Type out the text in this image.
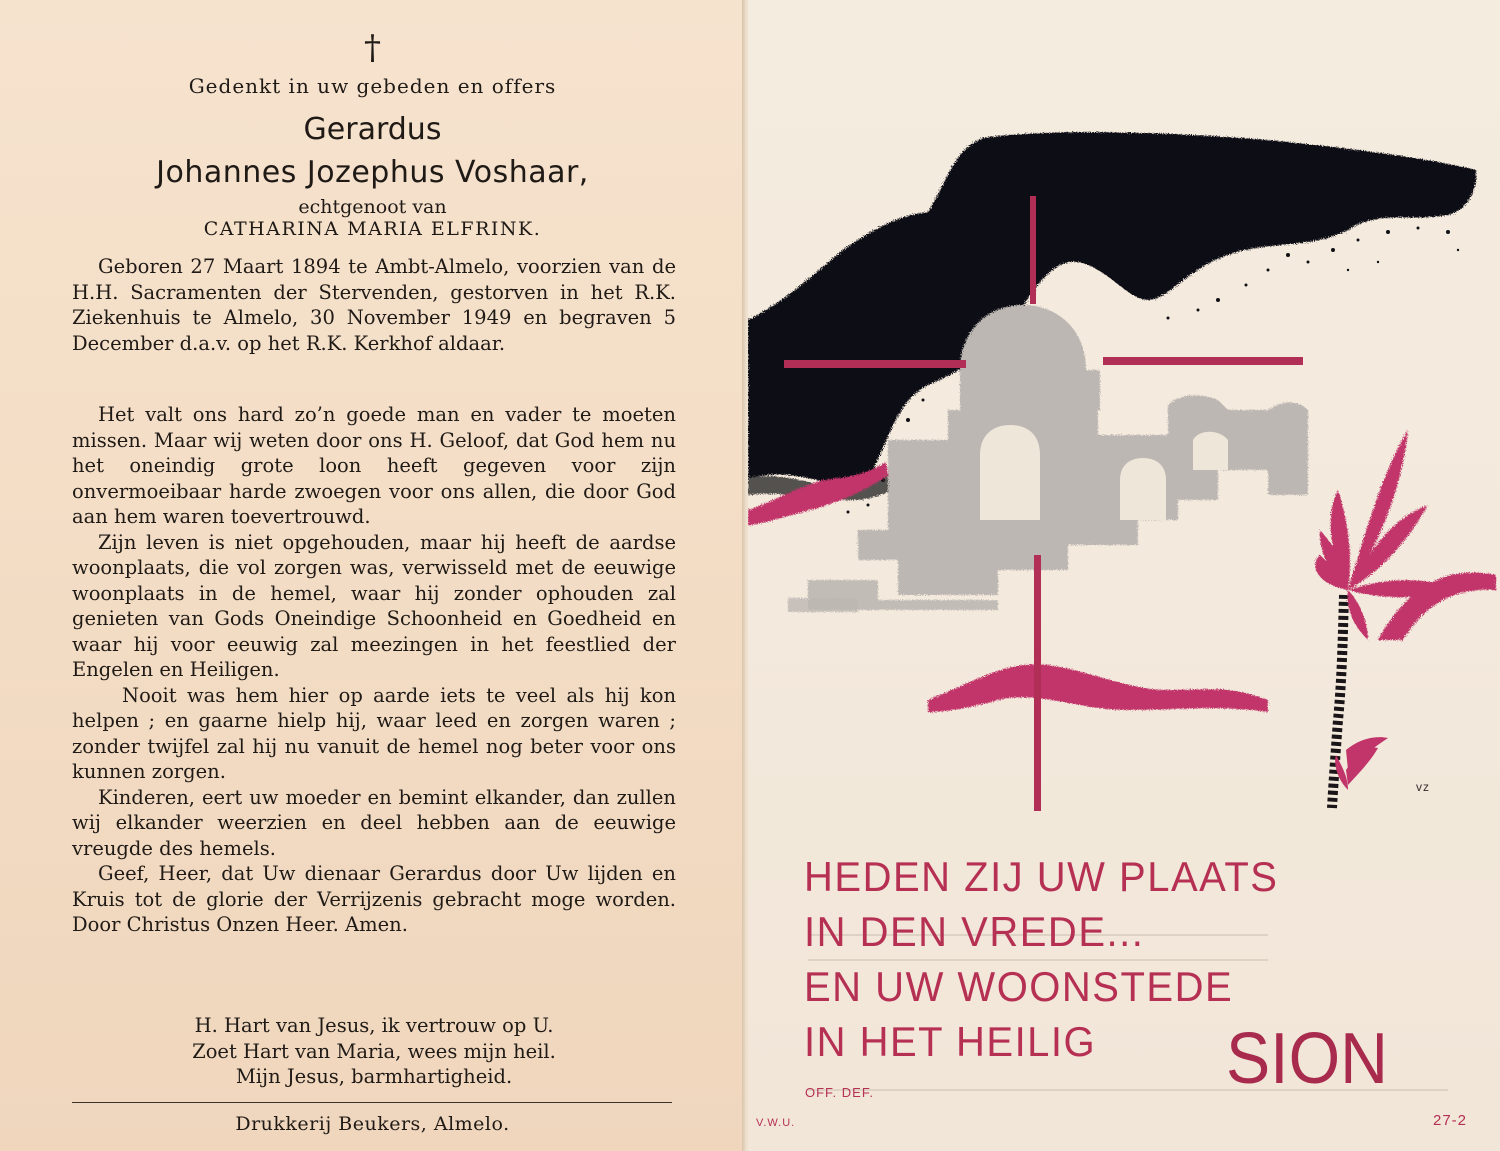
†
Gedenkt in uw gebeden en offers
Gerardus
Johannes Jozephus Voshaar,
echtgenoot van
CATHARINA MARIA ELFRINK.

Geboren 27 Maart 1894 te Ambt-Almelo, voorzien van de H.H. Sacramenten der Stervenden, gestorven in het R.K. Ziekenhuis te Almelo, 30 November 1949 en begraven 5 December d.a.v. op het R.K. Kerkhof aldaar.

Het valt ons hard zo’n goede man en vader te moeten missen. Maar wij weten door ons H. Geloof, dat God hem nu het oneindig grote loon heeft gegeven voor zijn onvermoeibaar harde zwoegen voor ons allen, die door God aan hem waren toevertrouwd.

Zijn leven is niet opgehouden, maar hij heeft de aardse woonplaats, die vol zorgen was, verwisseld met de eeuwige woonplaats in de hemel, waar hij zonder ophouden zal genieten van Gods Oneindige Schoonheid en Goedheid en waar hij voor eeuwig zal meezingen in het feestlied der Engelen en Heiligen.

Nooit was hem hier op aarde iets te veel als hij kon helpen ; en gaarne hielp hij, waar leed en zorgen waren ; zonder twijfel zal hij nu vanuit de hemel nog beter voor ons kunnen zorgen.

Kinderen, eert uw moeder en bemint elkander, dan zullen wij elkander weerzien en deel hebben aan de eeuwige vreugde des hemels.

Geef, Heer, dat Uw dienaar Gerardus door Uw lijden en Kruis tot de glorie der Verrijzenis gebracht moge worden. Door Christus Onzen Heer. Amen.

H. Hart van Jesus, ik vertrouw op U.
Zoet Hart van Maria, wees mijn heil.
Mijn Jesus, barmhartigheid.
Drukkerij Beukers, Almelo.
vz
HEDEN ZIJ UW PLAATS
IN DEN VREDE...
EN UW WOONSTEDE
IN HET HEILIG SION
OFF. DEF.
V.W.U.	27-2
